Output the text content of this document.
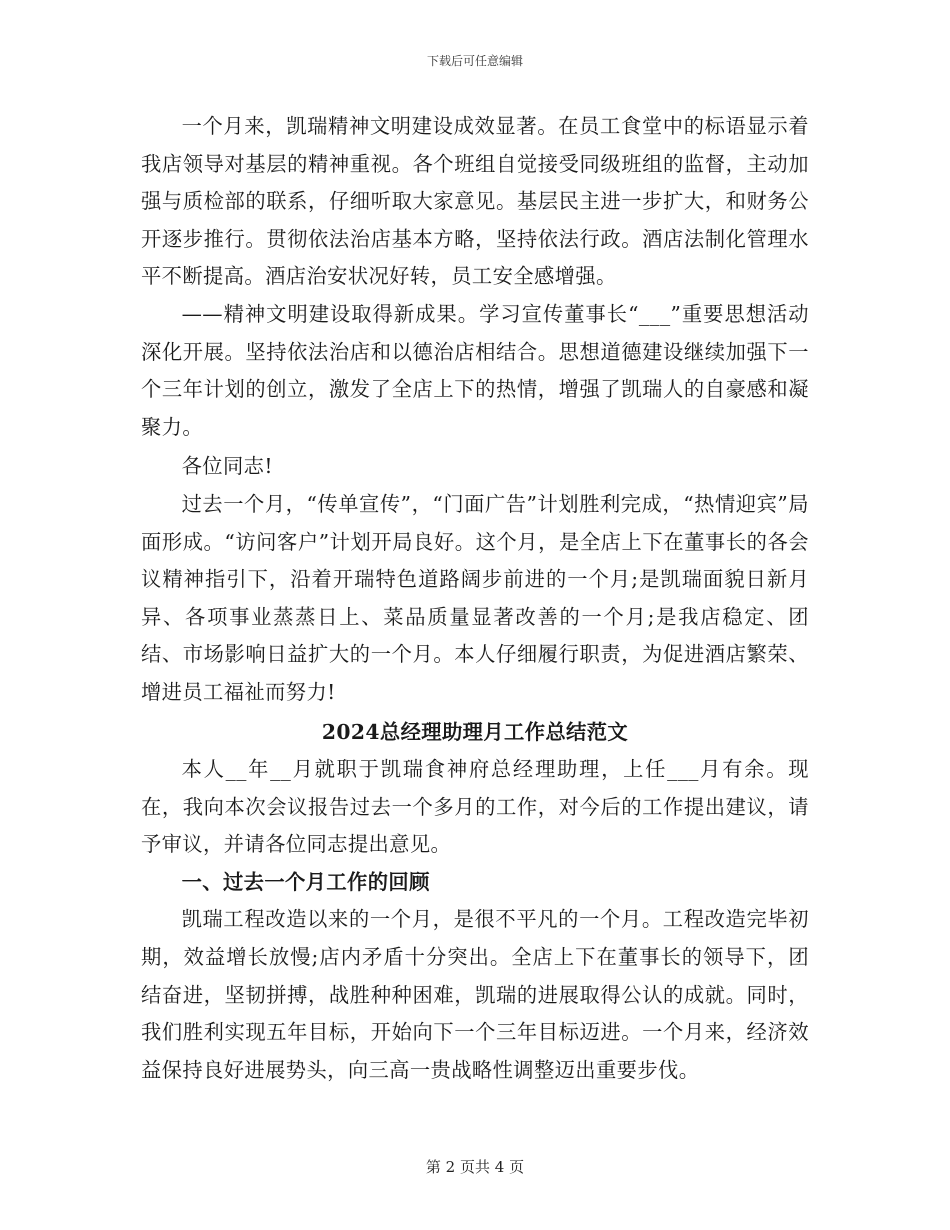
下载后可任意编辑

一个月来，凯瑞精神文明建设成效显著。在员工食堂中的标语显示着我店领导对基层的精神重视。各个班组自觉接受同级班组的监督，主动加强与质检部的联系，仔细听取大家意见。基层民主进一步扩大，和财务公开逐步推行。贯彻依法治店基本方略，坚持依法行政。酒店法制化管理水平不断提高。酒店治安状况好转，员工安全感增强。

——精神文明建设取得新成果。学习宣传董事长“___”重要思想活动深化开展。坚持依法治店和以德治店相结合。思想道德建设继续加强下一个三年计划的创立，激发了全店上下的热情，增强了凯瑞人的自豪感和凝聚力。

各位同志!

过去一个月，“传单宣传”，“门面广告”计划胜利完成，“热情迎宾”局面形成。“访问客户”计划开局良好。这个月，是全店上下在董事长的各会议精神指引下，沿着开瑞特色道路阔步前进的一个月;是凯瑞面貌日新月异、各项事业蒸蒸日上、菜品质量显著改善的一个月;是我店稳定、团结、市场影响日益扩大的一个月。本人仔细履行职责，为促进酒店繁荣、增进员工福祉而努力!

2024总经理助理月工作总结范文

本人__年__月就职于凯瑞食神府总经理助理，上任___月有余。现在，我向本次会议报告过去一个多月的工作，对今后的工作提出建议，请予审议，并请各位同志提出意见。

一、过去一个月工作的回顾

凯瑞工程改造以来的一个月，是很不平凡的一个月。工程改造完毕初期，效益增长放慢;店内矛盾十分突出。全店上下在董事长的领导下，团结奋进，坚韧拼搏，战胜种种困难，凯瑞的进展取得公认的成就。同时，我们胜利实现五年目标，开始向下一个三年目标迈进。一个月来，经济效益保持良好进展势头，向三高一贵战略性调整迈出重要步伐。

第 2 页共 4 页
